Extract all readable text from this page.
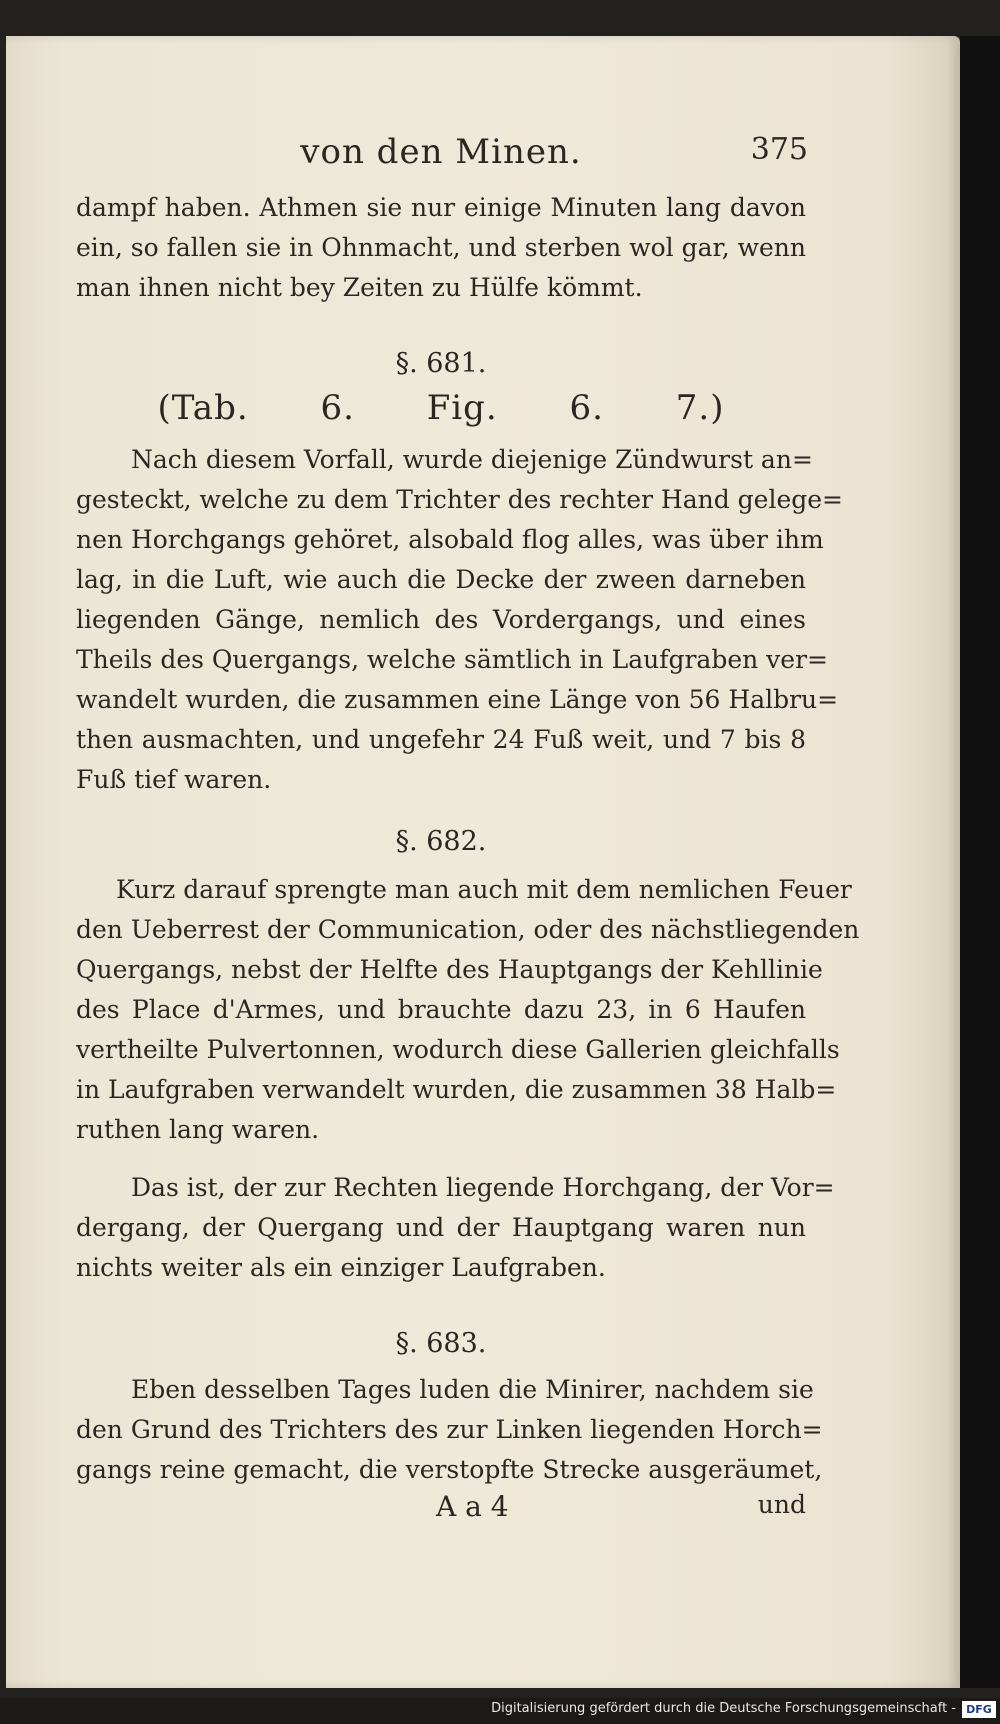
von den Minen.	375

dampf haben. Athmen sie nur einige Minuten lang davon

ein, so fallen sie in Ohnmacht, und sterben wol gar, wenn

man ihnen nicht bey Zeiten zu Hülfe kömmt.

§. 681.

(Tab. 6. Fig. 6. 7.)

Nach diesem Vorfall, wurde diejenige Zündwurst an=

gesteckt, welche zu dem Trichter des rechter Hand gelege=

nen Horchgangs gehöret, alsobald flog alles, was über ihm

lag, in die Luft, wie auch die Decke der zween darneben

liegenden Gänge, nemlich des Vordergangs, und eines

Theils des Quergangs, welche sämtlich in Laufgraben ver=

wandelt wurden, die zusammen eine Länge von 56 Halbru=

then ausmachten, und ungefehr 24 Fuß weit, und 7 bis 8

Fuß tief waren.

§. 682.

Kurz darauf sprengte man auch mit dem nemlichen Feuer

den Ueberrest der Communication, oder des nächstliegenden

Quergangs, nebst der Helfte des Hauptgangs der Kehllinie

des Place d'Armes, und brauchte dazu 23, in 6 Haufen

vertheilte Pulvertonnen, wodurch diese Gallerien gleichfalls

in Laufgraben verwandelt wurden, die zusammen 38 Halb=

ruthen lang waren.

Das ist, der zur Rechten liegende Horchgang, der Vor=

dergang, der Quergang und der Hauptgang waren nun

nichts weiter als ein einziger Laufgraben.

§. 683.

Eben desselben Tages luden die Minirer, nachdem sie

den Grund des Trichters des zur Linken liegenden Horch=

gangs reine gemacht, die verstopfte Strecke ausgeräumet,

A a 4	und
Digitalisierung gefördert durch die Deutsche Forschungsgemeinschaft - DFG
